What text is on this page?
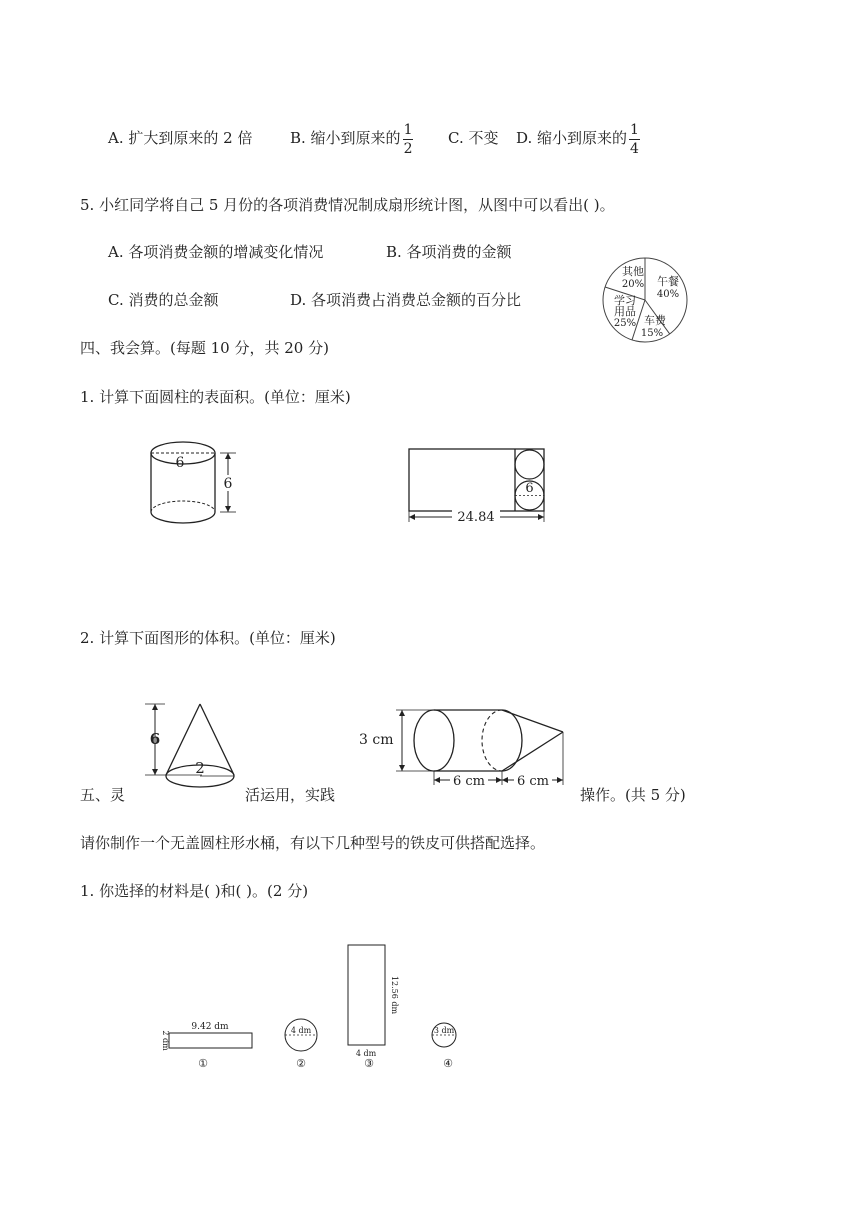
A. 扩大到原来的 2 倍	B. 缩小到原来的 $\frac{1}{2} C$. 不变 D. 缩小到原来的 $\frac{1}{4}$
5. 小红同学将自己 5 月份的各项消费情况制成扇形统计图，从图中可以看出( )。
A. 各项消费金额的增减变化情况	B. 各项消费的金额
C. 消费的总金额	D. 各项消费占消费总金额的百分比
其他
20% 午餐
40%
学习
用品
25% 车费
15%
四、我会算。(每题 10 分，共 20 分)
1. 计算下面圆柱的表面积。(单位：厘米)
6
6	6
24.84
2. 计算下面图形的体积。(单位：厘米)
6
2
3 cm
6 cm 6 cm
五、灵	活运用，实践	操作。(共 5 分)
请你制作一个无盖圆柱形水桶，有以下几种型号的铁皮可供搭配选择。
1. 你选择的材料是( )和( )。(2 分)
9.42 dm
2 dm
①
4 dm
②
12.56 dm
4 dm
③
3 dm
④
